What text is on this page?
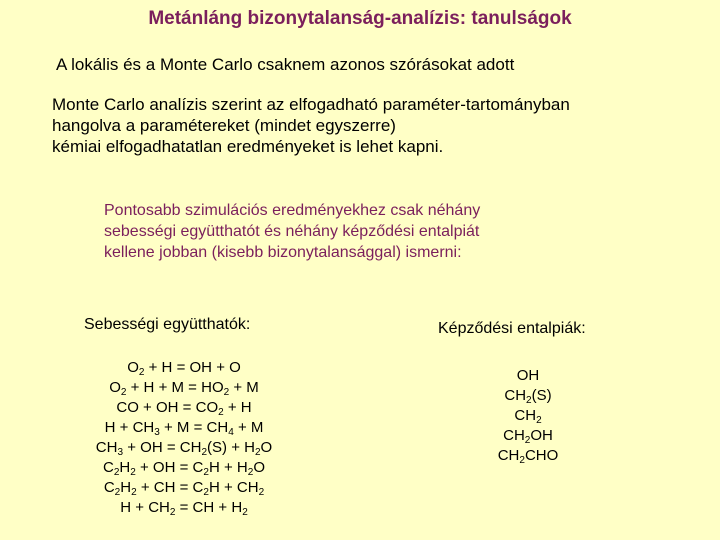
Metánláng bizonytalanság-analízis: tanulságok
A lokális és a Monte Carlo csaknem azonos szórásokat adott
Monte Carlo analízis szerint az elfogadható paraméter-tartományban
hangolva a paramétereket (mindet egyszerre)
kémiai elfogadhatatlan eredményeket is lehet kapni.
Pontosabb szimulációs eredményekhez csak néhány
sebességi együtthatót és néhány képződési entalpiát
kellene jobban (kisebb bizonytalansággal) ismerni:
Sebességi együtthatók:	Képződési entalpiák:
$O_2 + H$ = OH + O
$O_2 + H + M = HO_2 + M$
CO + OH = $CO_2 + H$
$H + CH_3 + M = CH_4 + M$
$CH_3$ + OH = $CH_2(S) + H_2O$
$C_2H_2$ + OH = $C_2H + H_2O$
$C_2H_2$ + CH = $C_2H + CH_2$
$H + CH_2$ = CH + $H_2$
OH
$CH_2(S)$
$CH_2$
$CH_2OH$
$CH_2CHO$
